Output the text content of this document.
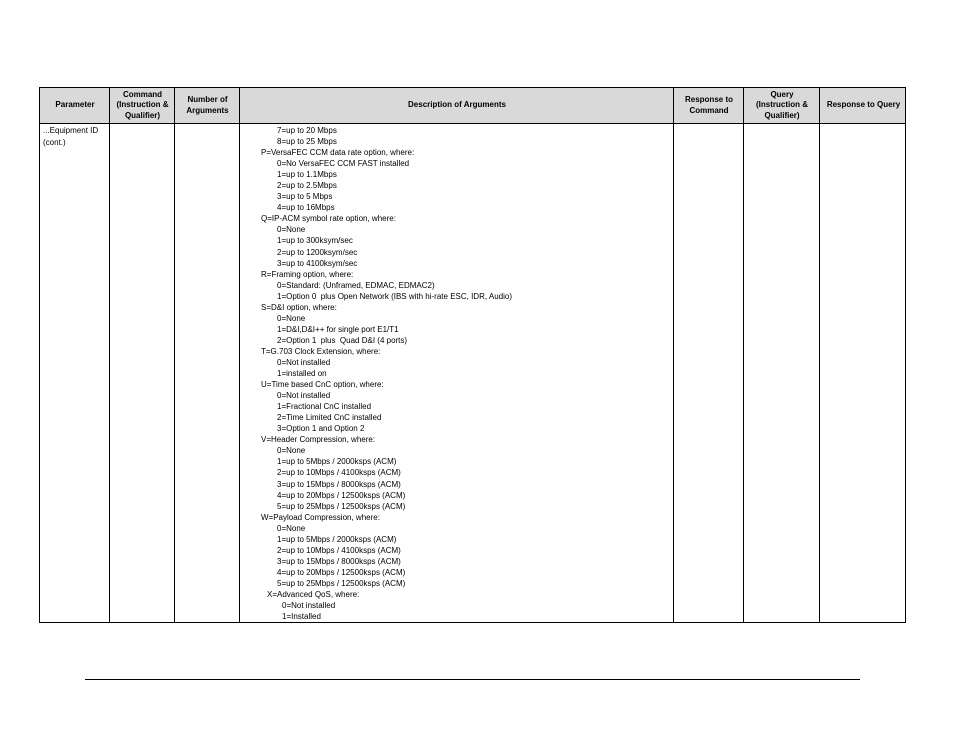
Parameter
Command (Instruction & Qualifier)
Number of Arguments
Description of Arguments
Response to Command
Query (Instruction & Qualifier)
Response to Query
...Equipment ID (cont.)
7=up to 20 Mbps
8=up to 25 Mbps
P=VersaFEC CCM data rate option, where:
0=No VersaFEC CCM FAST installed
1=up to 1.1Mbps
2=up to 2.5Mbps
3=up to 5 Mbps
4=up to 16Mbps
Q=IP-ACM symbol rate option, where:
0=None
1=up to 300ksym/sec
2=up to 1200ksym/sec
3=up to 4100ksym/sec
R=Framing option, where:
0=Standard: (Unframed, EDMAC, EDMAC2)
1=Option 0  plus Open Network (IBS with hi-rate ESC, IDR, Audio)
S=D&I option, where:
0=None
1=D&I,D&I++ for single port E1/T1
2=Option 1  plus  Quad D&I (4 ports)
T=G.703 Clock Extension, where:
0=Not installed
1=installed on
U=Time based CnC option, where:
0=Not installed
1=Fractional CnC installed
2=Time Limited CnC installed
3=Option 1 and Option 2
V=Header Compression, where:
0=None
1=up to 5Mbps / 2000ksps (ACM)
2=up to 10Mbps / 4100ksps (ACM)
3=up to 15Mbps / 8000ksps (ACM)
4=up to 20Mbps / 12500ksps (ACM)
5=up to 25Mbps / 12500ksps (ACM)
W=Payload Compression, where:
0=None
1=up to 5Mbps / 2000ksps (ACM)
2=up to 10Mbps / 4100ksps (ACM)
3=up to 15Mbps / 8000ksps (ACM)
4=up to 20Mbps / 12500ksps (ACM)
5=up to 25Mbps / 12500ksps (ACM)
X=Advanced QoS, where:
0=Not installed
1=Installed
